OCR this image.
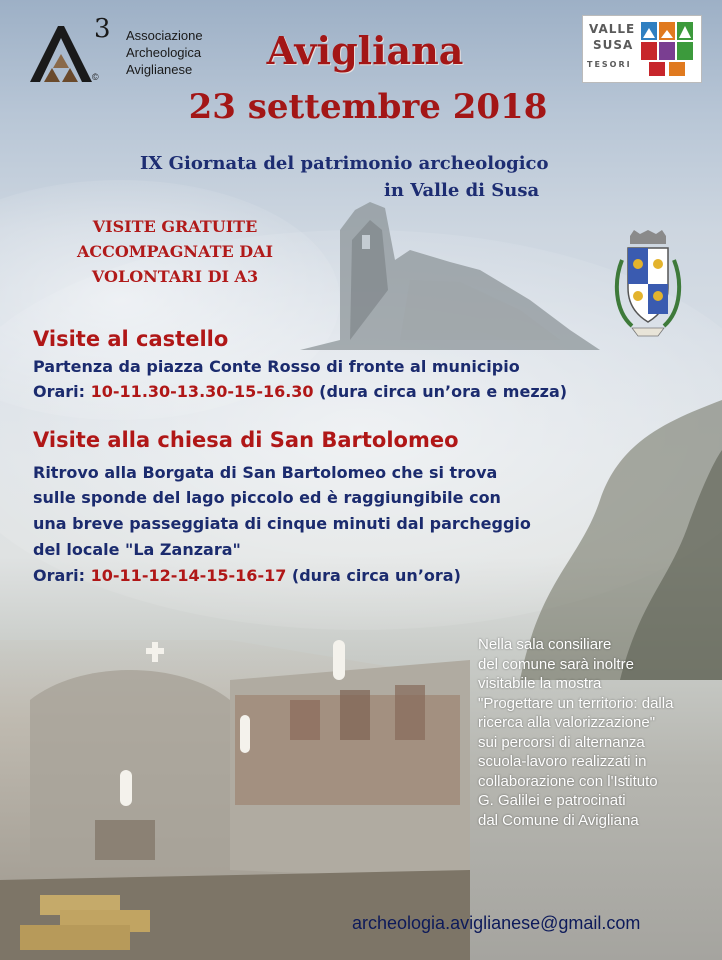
3
©
Associazione
Archeologica
Aviglianese
VALLE
SUSA
TESORI
Avigliana
23 settembre 2018
IX Giornata del patrimonio archeologico
in Valle di Susa
VISITE GRATUITE
ACCOMPAGNATE DAI
VOLONTARI DI A3
Visite al castello
Partenza da piazza Conte Rosso di fronte al municipio
Orari: 10-11.30-13.30-15-16.30 (dura circa un’ora e mezza)
Visite alla chiesa di San Bartolomeo
Ritrovo alla Borgata di San Bartolomeo che si trova
sulle sponde del lago piccolo ed è raggiungibile con
una breve passeggiata di cinque minuti dal parcheggio
del locale "La Zanzara"
Orari: 10-11-12-14-15-16-17 (dura circa un’ora)
Nella sala consiliare
del comune sarà inoltre
visitabile la mostra
"Progettare un territorio: dalla
ricerca alla valorizzazione"
sui percorsi di alternanza
scuola-lavoro realizzati in
collaborazione con l'Istituto
G. Galilei e patrocinati
dal Comune di Avigliana
archeologia.aviglianese@gmail.com
